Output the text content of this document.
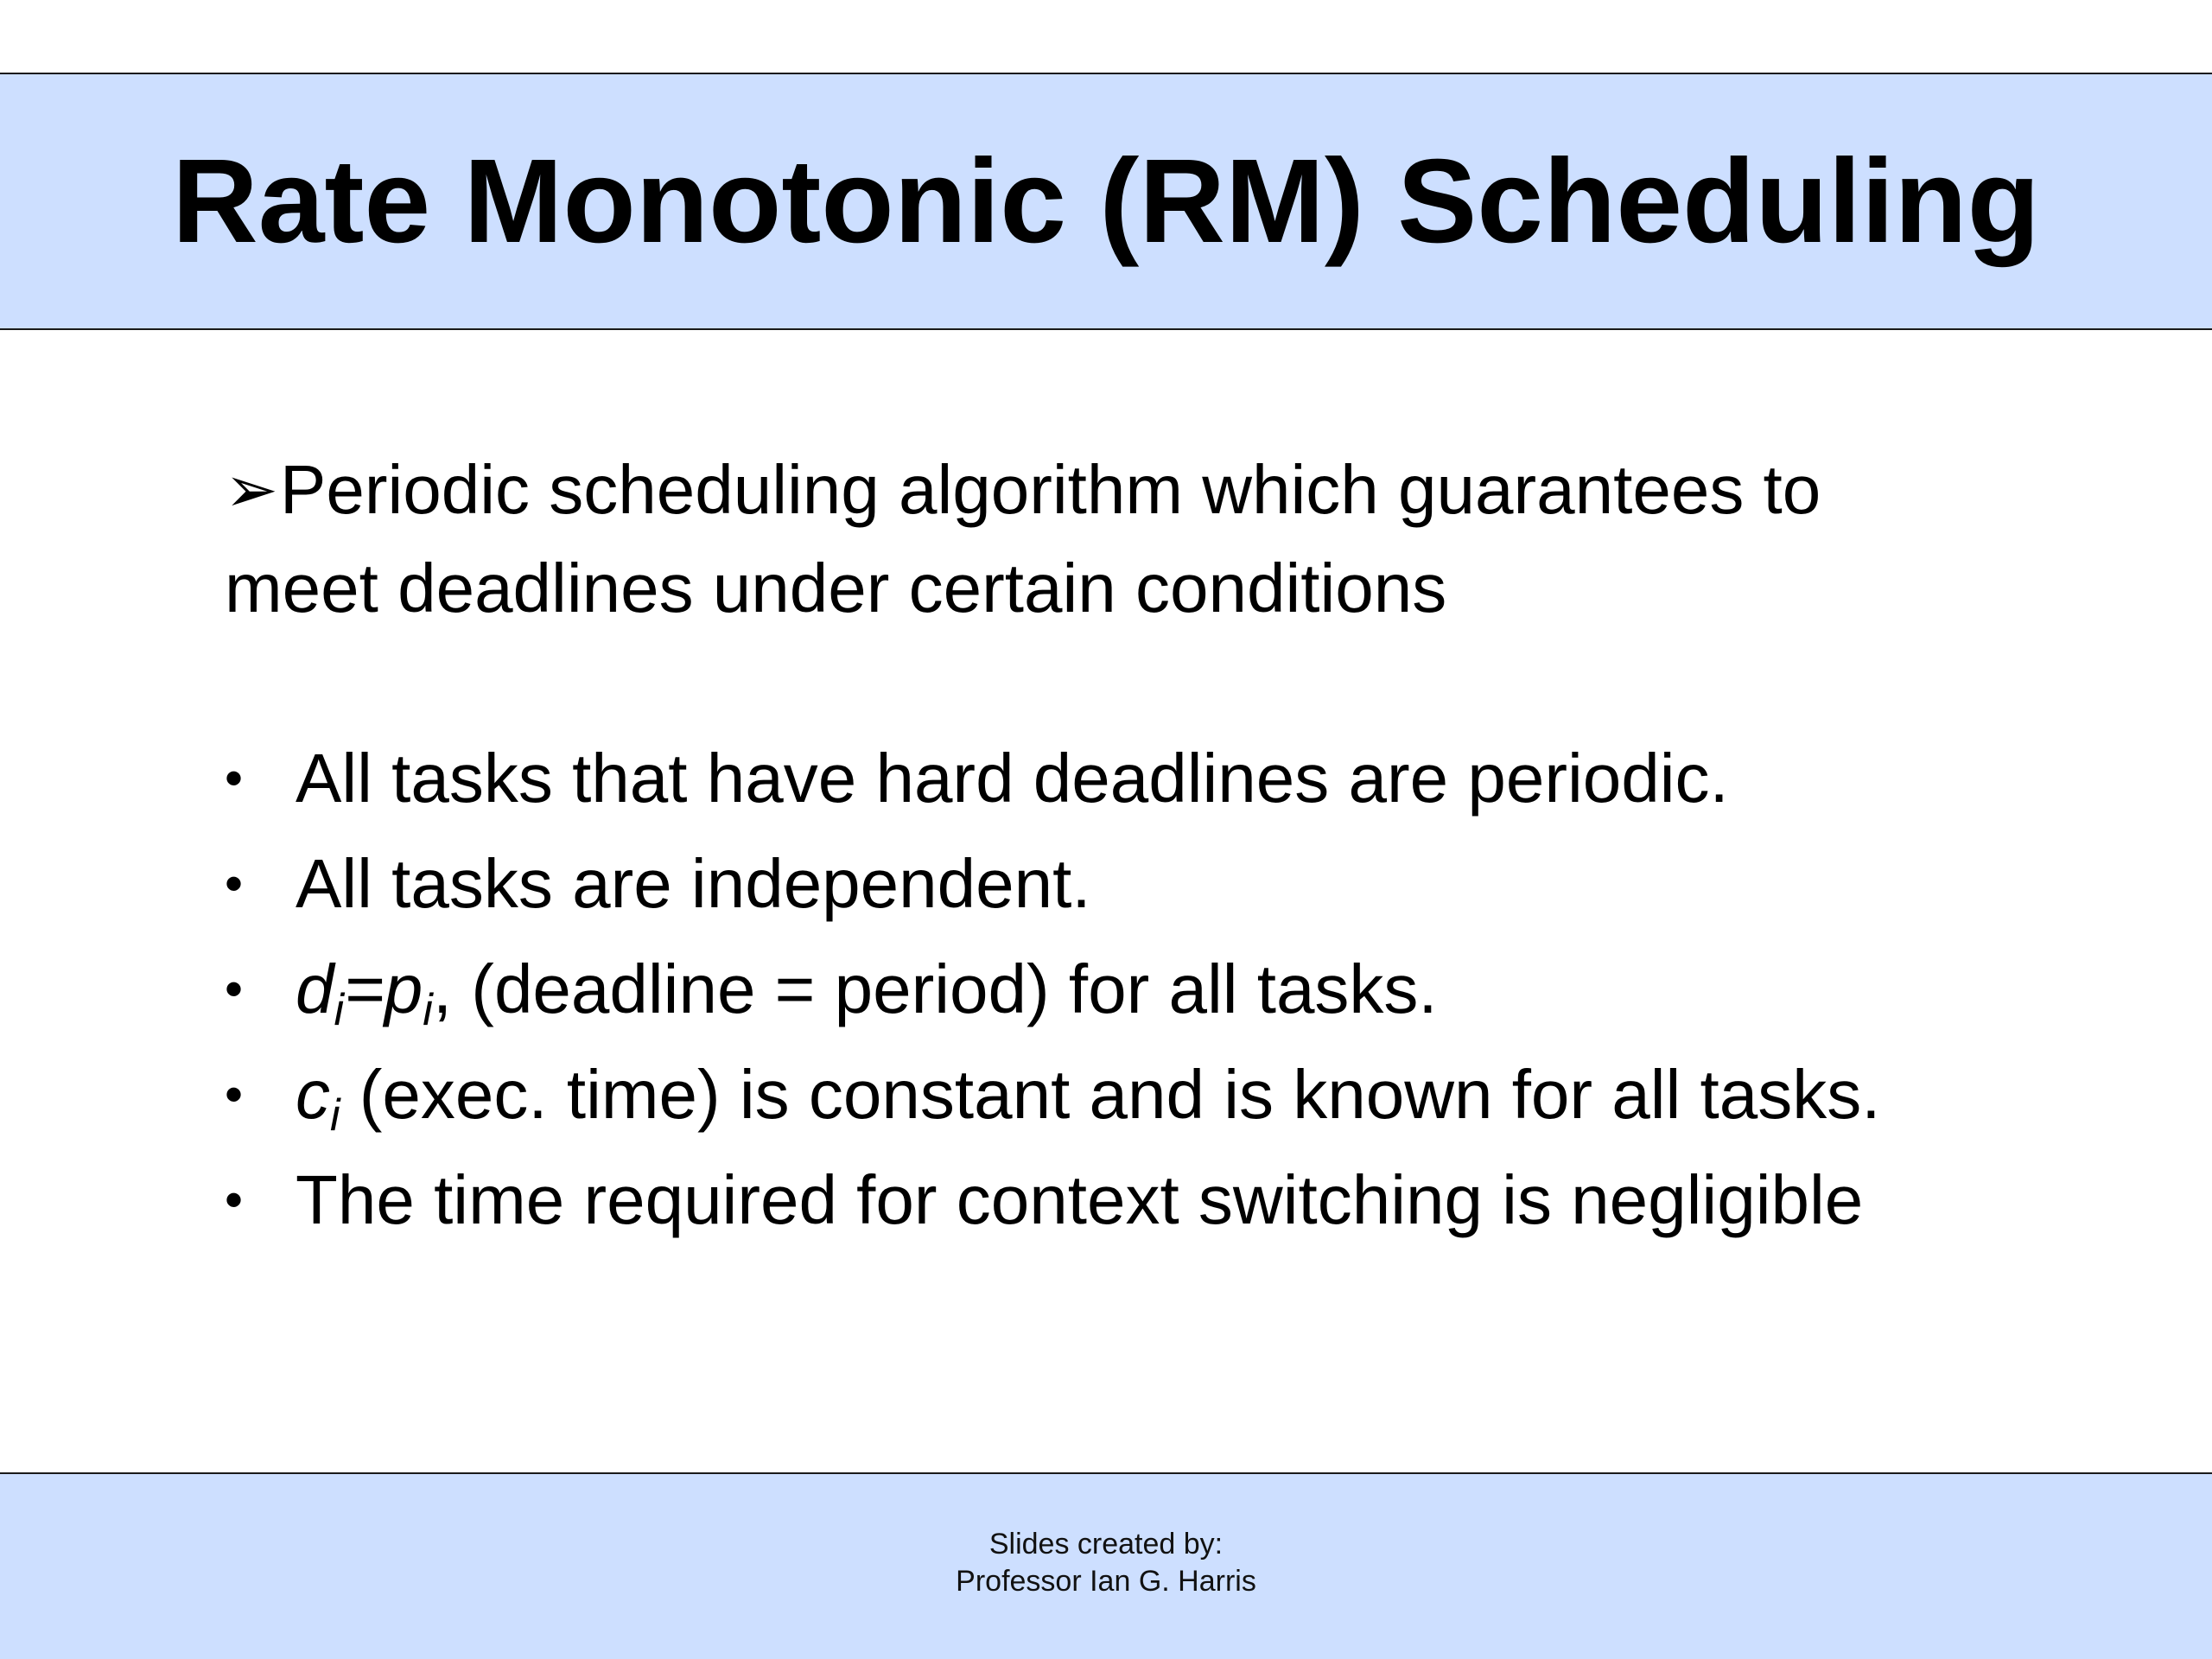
Rate Monotonic (RM) Scheduling

➢Periodic scheduling algorithm which guarantees to
meet deadlines under certain conditions

• All tasks that have hard deadlines are periodic.
• All tasks are independent.
• $d_i=p_i$, (deadline = period) for all tasks.
• $c_i$ (exec. time) is constant and is known for all tasks.
• The time required for context switching is negligible
Slides created by:
Professor Ian G. Harris
